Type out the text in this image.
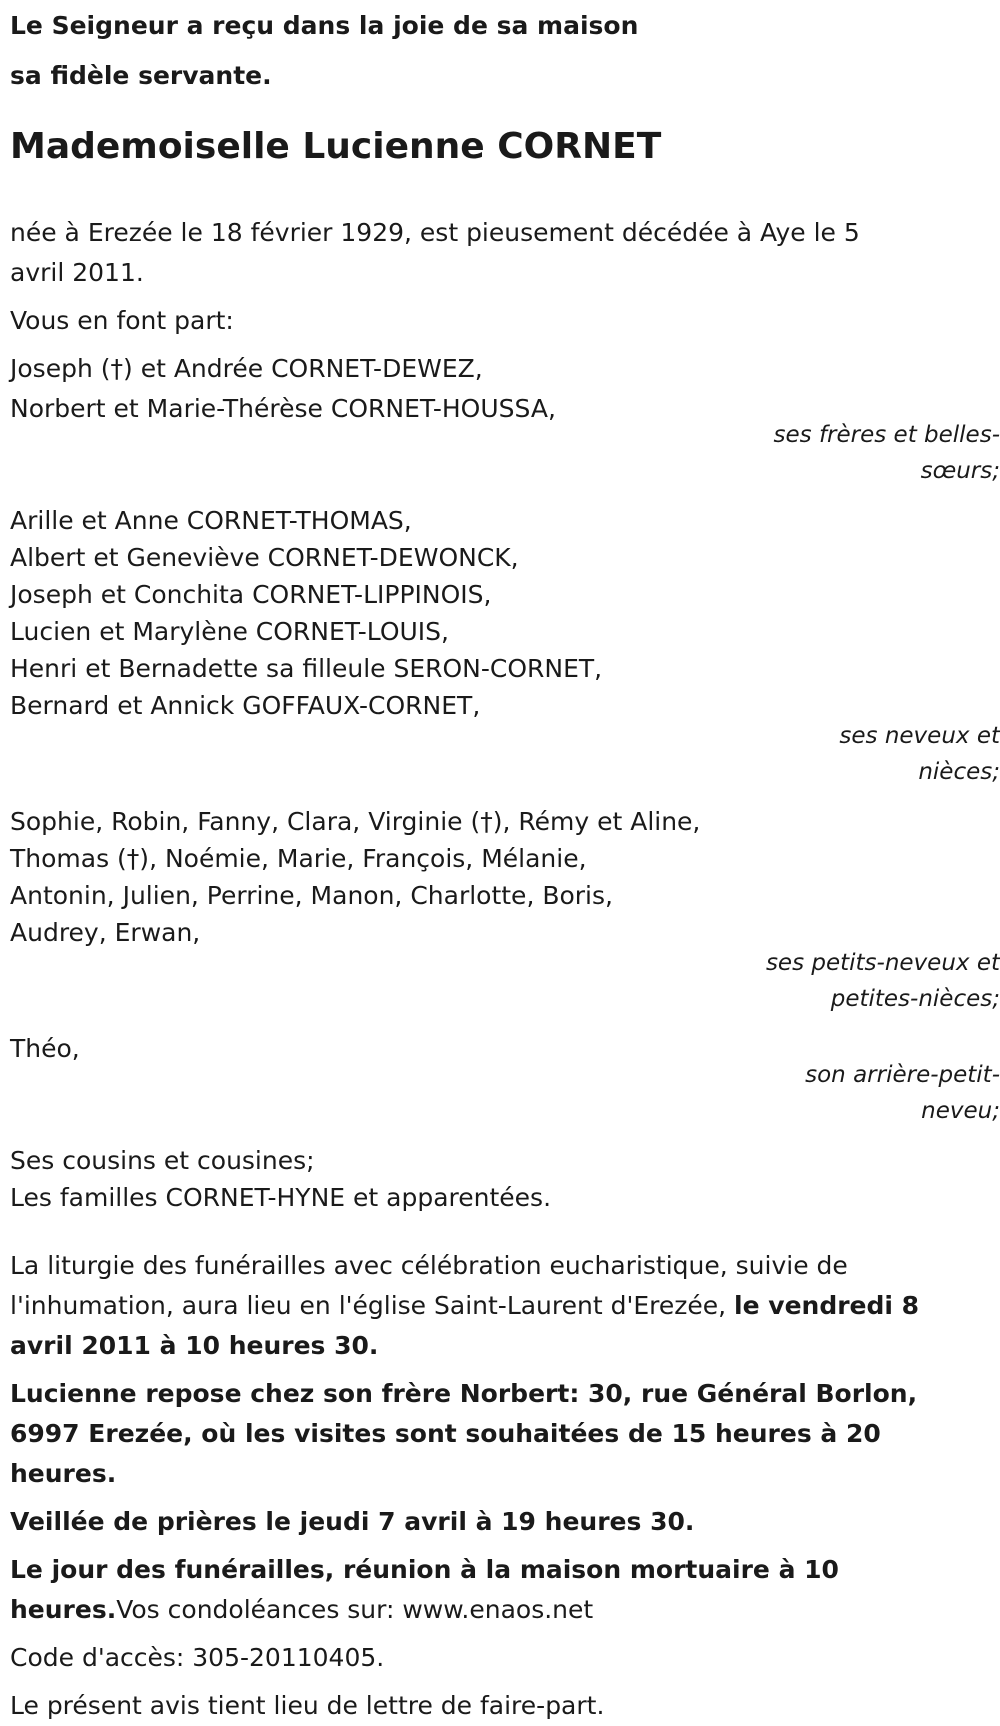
Le Seigneur a reçu dans la joie de sa maison
sa fidèle servante.
Mademoiselle Lucienne CORNET

née à Erezée le 18 février 1929, est pieusement décédée à Aye le 5 avril 2011.

Vous en font part:

Joseph (†) et Andrée CORNET-DEWEZ,
Norbert et Marie-Thérèse CORNET-HOUSSA,
ses frères et belles-
sœurs;
Arille et Anne CORNET-THOMAS,
Albert et Geneviève CORNET-DEWONCK,
Joseph et Conchita CORNET-LIPPINOIS,
Lucien et Marylène CORNET-LOUIS,
Henri et Bernadette sa filleule SERON-CORNET,
Bernard et Annick GOFFAUX-CORNET,
ses neveux et
nièces;
Sophie, Robin, Fanny, Clara, Virginie (†), Rémy et Aline,
Thomas (†), Noémie, Marie, François, Mélanie,
Antonin, Julien, Perrine, Manon, Charlotte, Boris,
Audrey, Erwan,
ses petits-neveux et
petites-nièces;
Théo,
son arrière-petit-
neveu;
Ses cousins et cousines;
Les familles CORNET-HYNE et apparentées.

La liturgie des funérailles avec célébration eucharistique, suivie de l'inhumation, aura lieu en l'église Saint-Laurent d'Erezée, le vendredi 8 avril 2011 à 10 heures 30.

Lucienne repose chez son frère Norbert: 30, rue Général Borlon, 6997 Erezée, où les visites sont souhaitées de 15 heures à 20 heures.

Veillée de prières le jeudi 7 avril à 19 heures 30.

Le jour des funérailles, réunion à la maison mortuaire à 10 heures.Vos condoléances sur: www.enaos.net

Code d'accès: 305-20110405.

Le présent avis tient lieu de lettre de faire-part.
